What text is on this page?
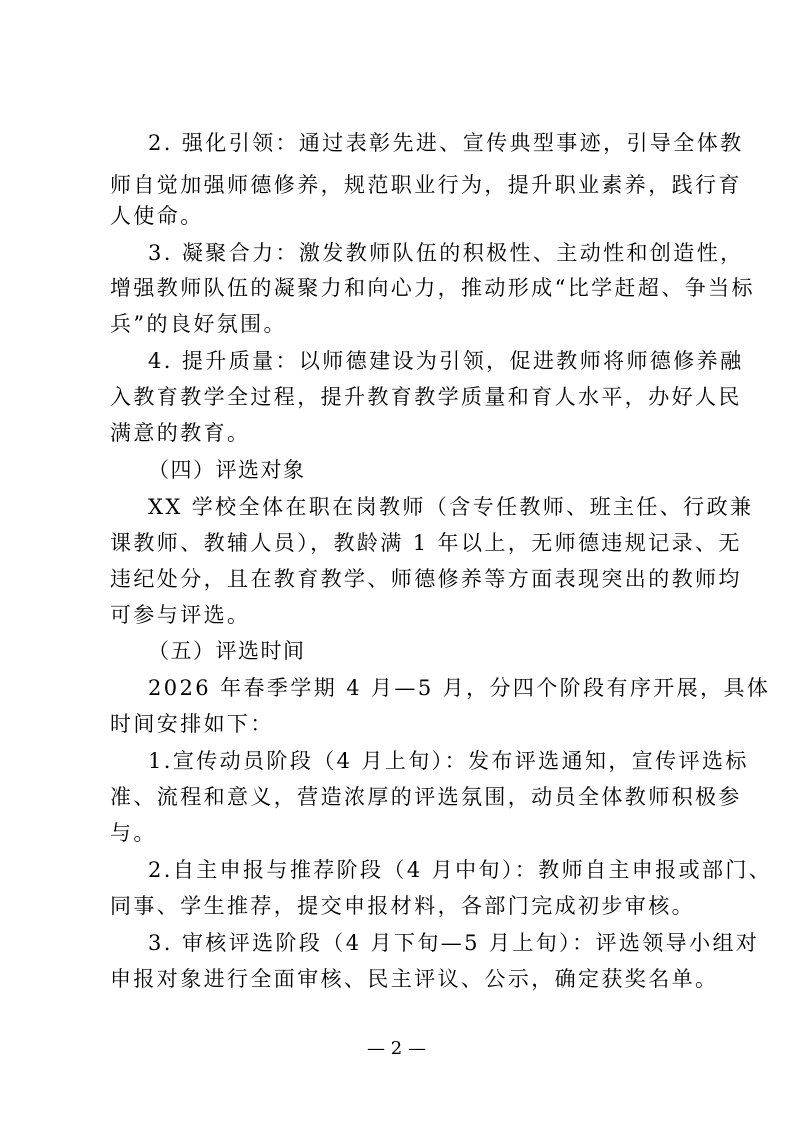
2. 强化引领：通过表彰先进、宣传典型事迹，引导全体教
师自觉加强师德修养，规范职业行为，提升职业素养，践行育
人使命。
3. 凝聚合力：激发教师队伍的积极性、主动性和创造性，
增强教师队伍的凝聚力和向心力，推动形成“比学赶超、争当标
兵”的良好氛围。
4. 提升质量：以师德建设为引领，促进教师将师德修养融
入教育教学全过程，提升教育教学质量和育人水平，办好人民
满意的教育。
（四）评选对象
XX 学校全体在职在岗教师（含专任教师、班主任、行政兼
课教师、教辅人员），教龄满 1 年以上，无师德违规记录、无
违纪处分，且在教育教学、师德修养等方面表现突出的教师均
可参与评选。
（五）评选时间
2026 年春季学期 4 月—5 月，分四个阶段有序开展，具体
时间安排如下：
1.宣传动员阶段（4 月上旬）：发布评选通知，宣传评选标
准、流程和意义，营造浓厚的评选氛围，动员全体教师积极参
与。
2.自主申报与推荐阶段（4 月中旬）：教师自主申报或部门、
同事、学生推荐，提交申报材料，各部门完成初步审核。
3. 审核评选阶段（4 月下旬—5 月上旬）：评选领导小组对
申报对象进行全面审核、民主评议、公示，确定获奖名单。
— 2 —
